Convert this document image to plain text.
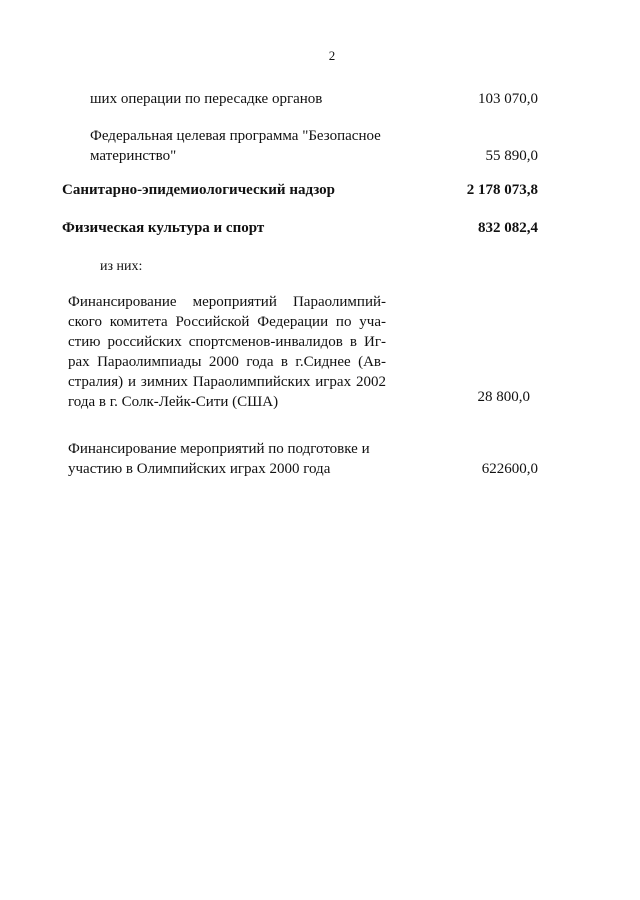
2
ших операции по пересадке органов	103 070,0
Федеральная целевая программа "Безопасное
материнство"	55 890,0
Санитарно-эпидемиологический надзор	2 178 073,8
Физическая культура и спорт	832 082,4
из них:
Финансирование мероприятий Параолимпий-
ского комитета Российской Федерации по уча-
стию российских спортсменов-инвалидов в Иг-
рах Параолимпиады 2000 года в г.Сиднее (Ав-
стралия) и зимних Параолимпийских играх 2002
года в г. Солк-Лейк-Сити (США)	28 800,0
Финансирование мероприятий по подготовке и
участию в Олимпийских играх 2000 года	622600,0
